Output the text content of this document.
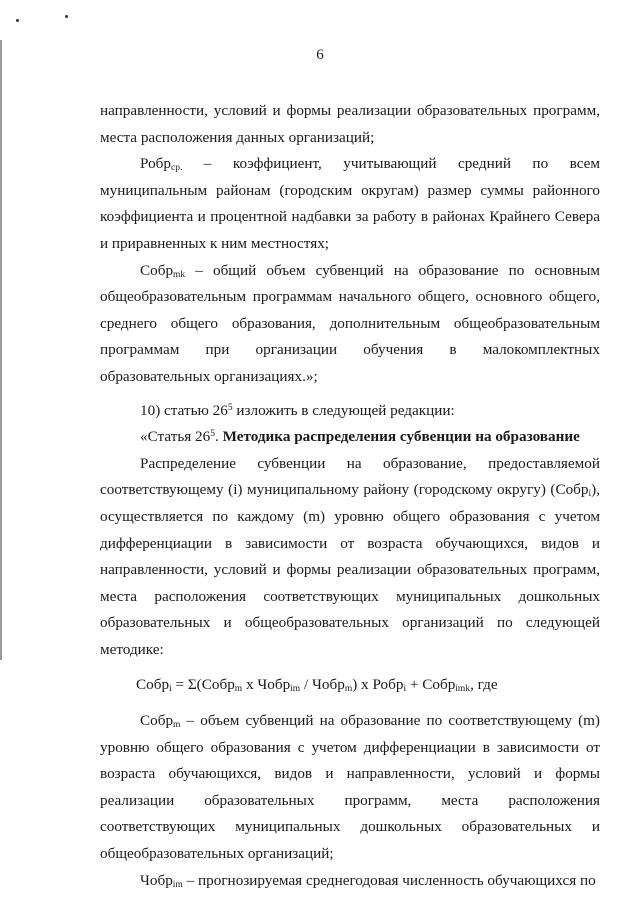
6

направленности, условий и формы реализации образовательных программ, места расположения данных организаций;

Робр$_{ср.}$ – коэффициент, учитывающий средний по всем муниципальным районам (городским округам) размер суммы районного коэффициента и процентной надбавки за работу в районах Крайнего Севера и приравненных к ним местностях;

Собр$_{mk}$ – общий объем субвенций на образование по основным общеобразовательным программам начального общего, основного общего, среднего общего образования, дополнительным общеобразовательным программам при организации обучения в малокомплектных образовательных организациях.»;

10) статью $26^5$ изложить в следующей редакции:

«Статья $26^5$. Методика распределения субвенции на образование

Распределение субвенции на образование, предоставляемой соответствующему (i) муниципальному району (городскому округу) (Собр$_i$), осуществляется по каждому (m) уровню общего образования с учетом дифференциации в зависимости от возраста обучающихся, видов и направленности, условий и формы реализации образовательных программ, места расположения соответствующих муниципальных дошкольных образовательных и общеобразовательных организаций по следующей методике:

Собр$_i$ = Σ(Собр$_m$ x Чобр$_{im}$ / Чобр$_m$) x Робр$_i$ + Собр$_{imk}$, где

Собр$_m$ – объем субвенций на образование по соответствующему (m) уровню общего образования с учетом дифференциации в зависимости от возраста обучающихся, видов и направленности, условий и формы реализации образовательных программ, места расположения соответствующих муниципальных дошкольных образовательных и общеобразовательных организаций;

Чобр$_{im}$ – прогнозируемая среднегодовая численность обучающихся по
